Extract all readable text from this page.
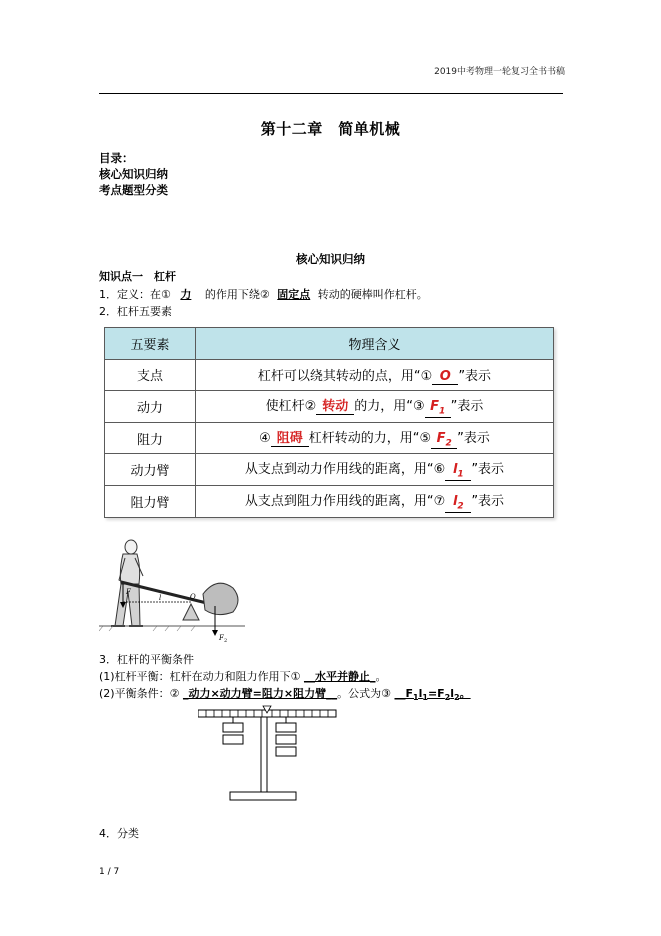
2019中考物理一轮复习全书书稿
第十二章　简单机械
目录：
核心知识归纳
考点题型分类
核心知识归纳
知识点一　杠杆
1．定义：在① 力 的作用下绕② 固定点 转动的硬棒叫作杠杆。
2．杠杆五要素
五要素	物理含义
支点	杠杆可以绕其转动的点，用“① O ”表示
动力	使杠杆② 转动 的力，用“③ $F_1$ ”表示
阻力	④ 阻碍 杠杆转动的力，用“⑤ $F_2$ ”表示
动力臂	从支点到动力作用线的距离，用“⑥ $l_1$ ”表示
阻力臂	从支点到阻力作用线的距离，用“⑦ $l_2$ ”表示
F
l	O
F 2
3．杠杆的平衡条件
(1)杠杆平衡：杠杆在动力和阻力作用下① __水平并静止_。
(2)平衡条件：② _动力×动力臂=阻力×阻力臂__。公式为③ $\_\_F_1l_1=F_2l_2$。
4．分类
1 / 7
